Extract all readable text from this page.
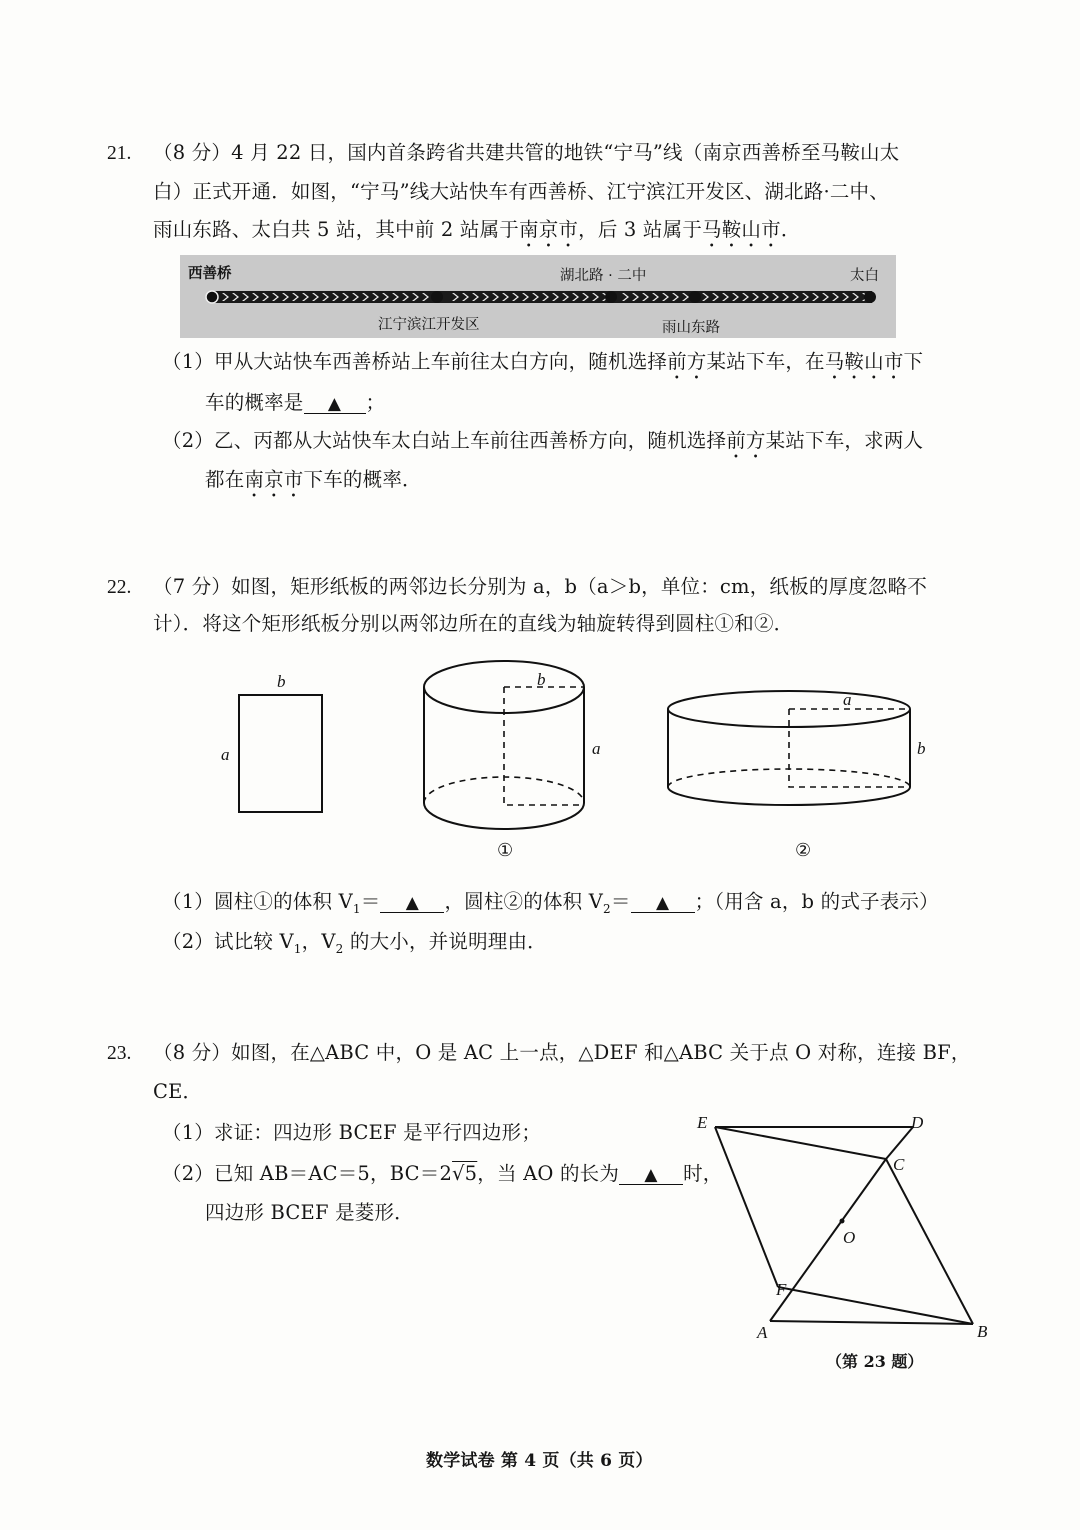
21. （8 分）4 月 22 日，国内首条跨省共建共管的地铁“宁马”线（南京西善桥至马鞍山太
白）正式开通．如图，“宁马”线大站快车有西善桥、江宁滨江开发区、湖北路·二中、
雨山东路、太白共 5 站，其中前 2 站属于南京市，后 3 站属于马鞍山市．
西善桥	湖北路 · 二中	太白
江宁滨江开发区	雨山东路
（1）甲从大站快车西善桥站上车前往太白方向，随机选择前方某站下车，在马鞍山市下
车的概率是 ▲ ；
（2）乙、丙都从大站快车太白站上车前往西善桥方向，随机选择前方某站下车，求两人
都在南京市下车的概率．
22. （7 分）如图，矩形纸板的两邻边长分别为 a，b（a＞b，单位：cm，纸板的厚度忽略不
计）．将这个矩形纸板分别以两邻边所在的直线为轴旋转得到圆柱①和②．
b
a
b
a
①
a
b
②
（1）圆柱①的体积 $V_1=$ ▲ ，圆柱②的体积 $V_2=$ ▲ ；（用含 a，b 的式子表示）
（2）试比较 $V_1$，$V_2$ 的大小，并说明理由．
23. （8 分）如图，在△ABC 中，O 是 AC 上一点，△DEF 和△ABC 关于点 O 对称，连接 BF，
CE．
（1）求证：四边形 BCEF 是平行四边形；
（2）已知 AB＝AC＝5，BC＝2√5，当 AO 的长为 ▲ 时，
四边形 BCEF 是菱形．
E	D
C
O
F
A	B
（第 23 题）
数学试卷 第 4 页（共 6 页）
